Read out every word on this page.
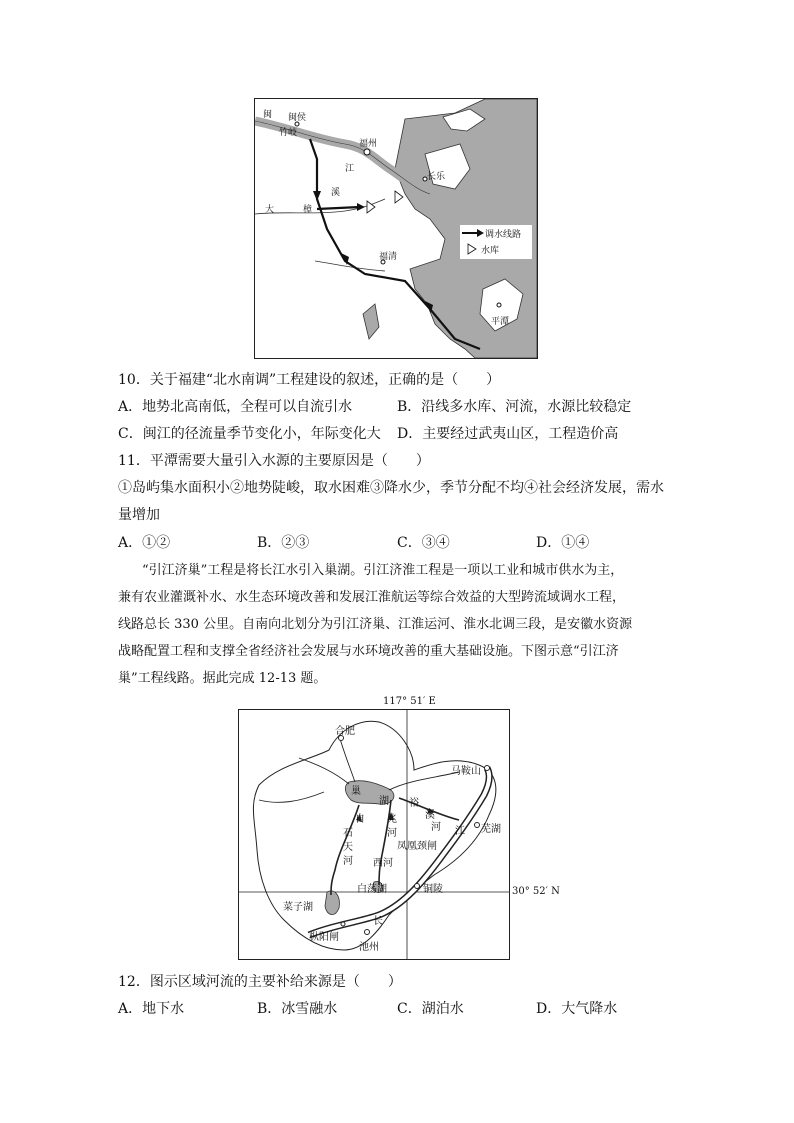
闽 闽侯
竹岐
福州
江
溪
长乐
大	樟
福清
平潭
调水线路
水库
10．关于福建“北水南调”工程建设的叙述，正确的是（　　）
A．地势北高南低，全程可以自流引水	B．沿线多水库、河流，水源比较稳定
C．闽江的径流量季节变化小，年际变化大 D．主要经过武夷山区，工程造价高
11．平潭需要大量引入水源的主要原因是（　　）
①岛屿集水面积小②地势陡峻，取水困难③降水少，季节分配不均④社会经济发展，需水
量增加
A．①②	B．②③	C．③④	D．①④
“引江济巢”工程是将长江水引入巢湖。引江济淮工程是一项以工业和城市供水为主，
兼有农业灌溉补水、水生态环境改善和发展江淮航运等综合效益的大型跨流域调水工程，
线路总长 330 公里。自南向北划分为引江济巢、江淮运河、淮水北调三段，是安徽水资源
战略配置工程和支撑全省经济社会发展与水环境改善的重大基础设施。下图示意“引江济
巢”工程线路。据此完成 12-13 题。
117° 51′ E
30° 52′ N
合肥
马鞍山
巢
湖 裕
溪
河
兆
河
自
石
天
河
江 芜湖
凤凰颈闸
西河
白荡湖	铜陵
菜子湖
长
枞阳闸
池州
12．图示区域河流的主要补给来源是（　　）
A．地下水	B．冰雪融水	C．湖泊水	D．大气降水
